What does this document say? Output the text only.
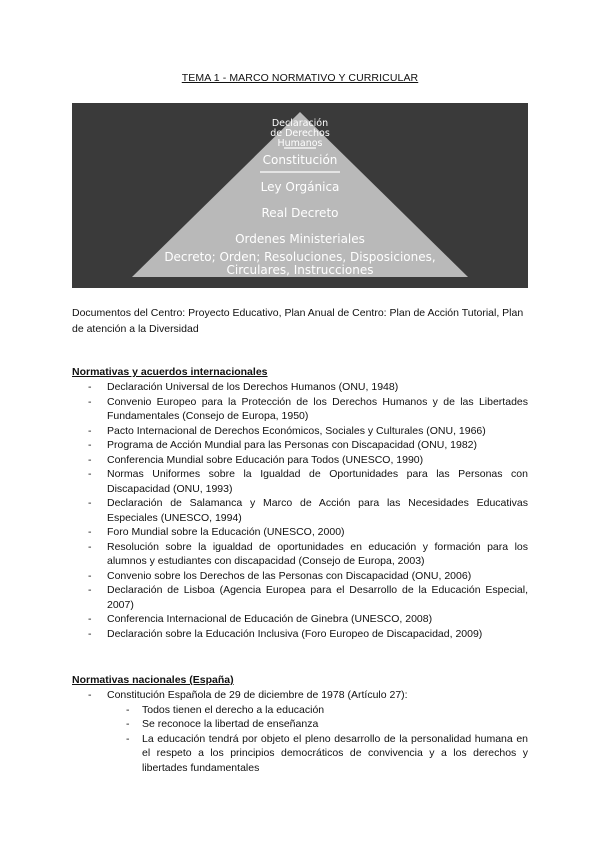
TEMA 1 - MARCO NORMATIVO Y CURRICULAR
Declaración
de Derechos
Humanos
Constitución
Ley Orgánica
Real Decreto
Ordenes Ministeriales
Decreto; Orden; Resoluciones, Disposiciones,
Circulares, Instrucciones
Documentos del Centro: Proyecto Educativo, Plan Anual de Centro: Plan de Acción Tutorial, Plan de atención a la Diversidad
Normativas y acuerdos internacionales
- Declaración Universal de los Derechos Humanos (ONU, 1948)
- Convenio Europeo para la Protección de los Derechos Humanos y de las Libertades Fundamentales (Consejo de Europa, 1950)
- Pacto Internacional de Derechos Económicos, Sociales y Culturales (ONU, 1966)
- Programa de Acción Mundial para las Personas con Discapacidad (ONU, 1982)
- Conferencia Mundial sobre Educación para Todos (UNESCO, 1990)
- Normas Uniformes sobre la Igualdad de Oportunidades para las Personas con Discapacidad (ONU, 1993)
- Declaración de Salamanca y Marco de Acción para las Necesidades Educativas Especiales (UNESCO, 1994)
- Foro Mundial sobre la Educación (UNESCO, 2000)
- Resolución sobre la igualdad de oportunidades en educación y formación para los alumnos y estudiantes con discapacidad (Consejo de Europa, 2003)
- Convenio sobre los Derechos de las Personas con Discapacidad (ONU, 2006)
- Declaración de Lisboa (Agencia Europea para el Desarrollo de la Educación Especial, 2007)
- Conferencia Internacional de Educación de Ginebra (UNESCO, 2008)
- Declaración sobre la Educación Inclusiva (Foro Europeo de Discapacidad, 2009)
Normativas nacionales (España)
- Constitución Española de 29 de diciembre de 1978 (Artículo 27):
- Todos tienen el derecho a la educación
- Se reconoce la libertad de enseñanza
- La educación tendrá por objeto el pleno desarrollo de la personalidad humana en el respeto a los principios democráticos de convivencia y a los derechos y libertades fundamentales
